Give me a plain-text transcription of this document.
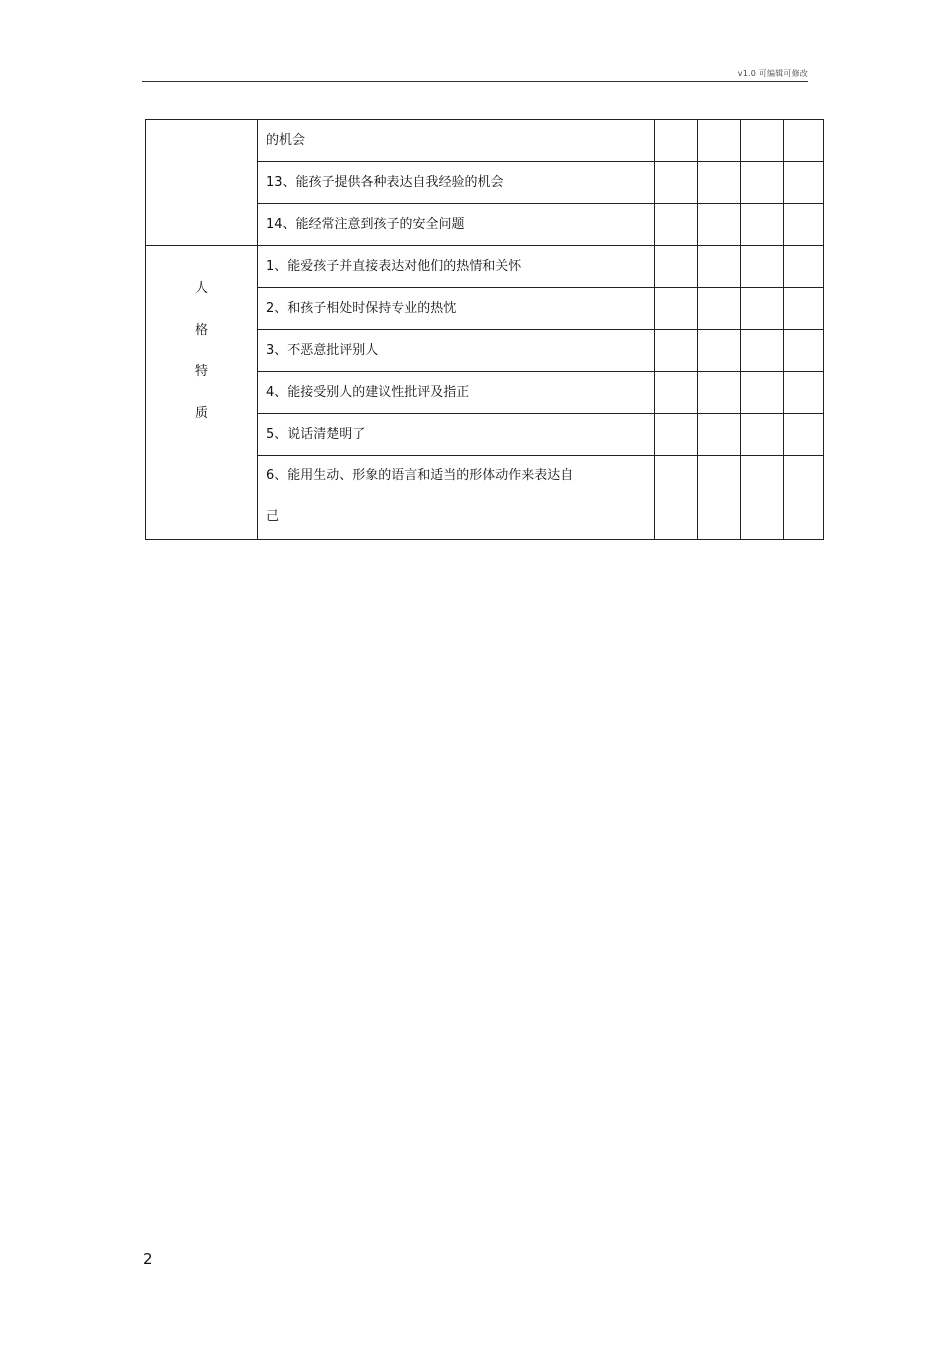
v1.0 可编辑可修改
	的机会				
	13、能孩子提供各种表达自我经验的机会				
	14、能经常注意到孩子的安全问题				

人
格
特
质	1、能爱孩子并直接表达对他们的热情和关怀				
	2、和孩子相处时保持专业的热忱				
	3、不恶意批评别人				
	4、能接受别人的建议性批评及指正				
	5、说话清楚明了				
	6、能用生动、形象的语言和适当的形体动作来表达自
己				

2
